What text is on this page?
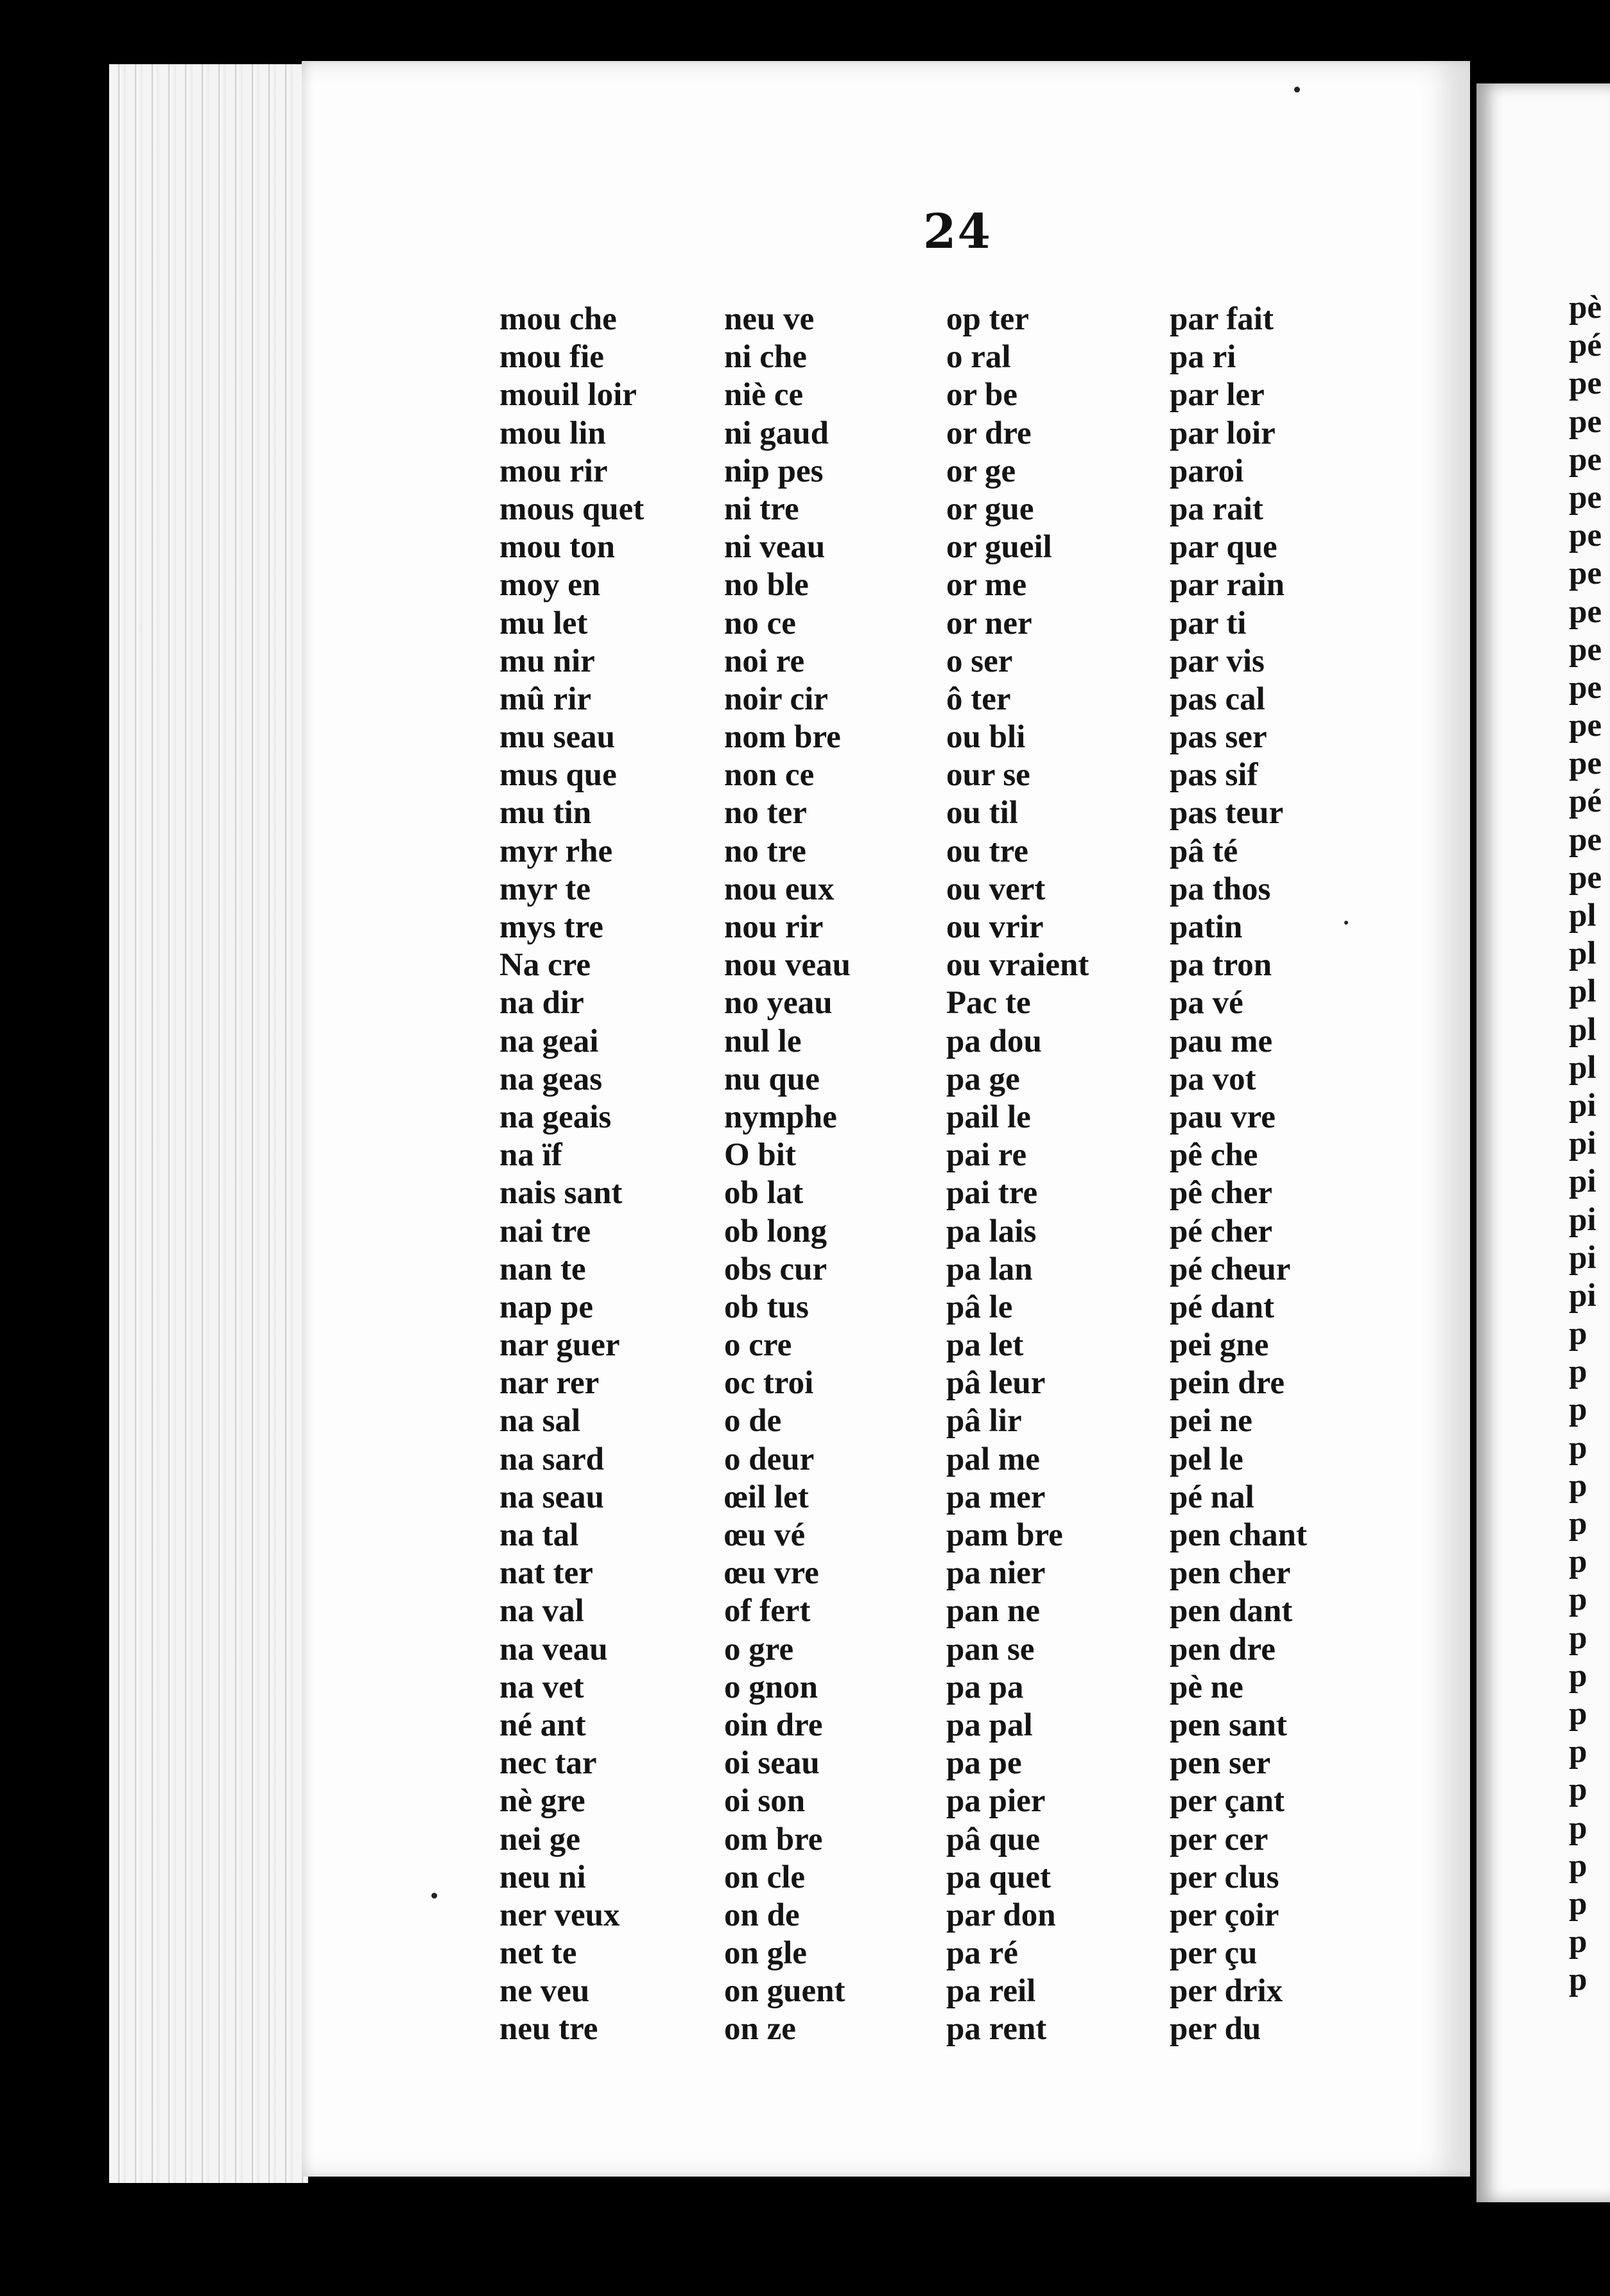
24
mou che
mou fie
mouil loir
mou lin
mou rir
mous quet
mou ton
moy en
mu let
mu nir
mû rir
mu seau
mus que
mu tin
myr rhe
myr te
mys tre
Na cre
na dir
na geai
na geas
na geais
na ïf
nais sant
nai tre
nan te
nap pe
nar guer
nar rer
na sal
na sard
na seau
na tal
nat ter
na val
na veau
na vet
né ant
nec tar
nè gre
nei ge
neu ni
ner veux
net te
ne veu
neu tre
neu ve
ni che
niè ce
ni gaud
nip pes
ni tre
ni veau
no ble
no ce
noi re
noir cir
nom bre
non ce
no ter
no tre
nou eux
nou rir
nou veau
no yeau
nul le
nu que
nymphe
O bit
ob lat
ob long
obs cur
ob tus
o cre
oc troi
o de
o deur
œil let
œu vé
œu vre
of fert
o gre
o gnon
oin dre
oi seau
oi son
om bre
on cle
on de
on gle
on guent
on ze
op ter
o ral
or be
or dre
or ge
or gue
or gueil
or me
or ner
o ser
ô ter
ou bli
our se
ou til
ou tre
ou vert
ou vrir
ou vraient
Pac te
pa dou
pa ge
pail le
pai re
pai tre
pa lais
pa lan
pâ le
pa let
pâ leur
pâ lir
pal me
pa mer
pam bre
pa nier
pan ne
pan se
pa pa
pa pal
pa pe
pa pier
pâ que
pa quet
par don
pa ré
pa reil
pa rent
par fait
pa ri
par ler
par loir
paroi
pa rait
par que
par rain
par ti
par vis
pas cal
pas ser
pas sif
pas teur
pâ té
pa thos
patin
pa tron
pa vé
pau me
pa vot
pau vre
pê che
pê cher
pé cher
pé cheur
pé dant
pei gne
pein dre
pei ne
pel le
pé nal
pen chant
pen cher
pen dant
pen dre
pè ne
pen sant
pen ser
per çant
per cer
per clus
per çoir
per çu
per drix
per du
pè
pé
pe
pe
pe
pe
pe
pe
pe
pe
pe
pe
pe
pé
pe
pe
pl
pl
pl
pl
pl
pi
pi
pi
pi
pi
pi
p
p
p
p
p
p
p
p
p
p
p
p
p
p
p
p
p
p
